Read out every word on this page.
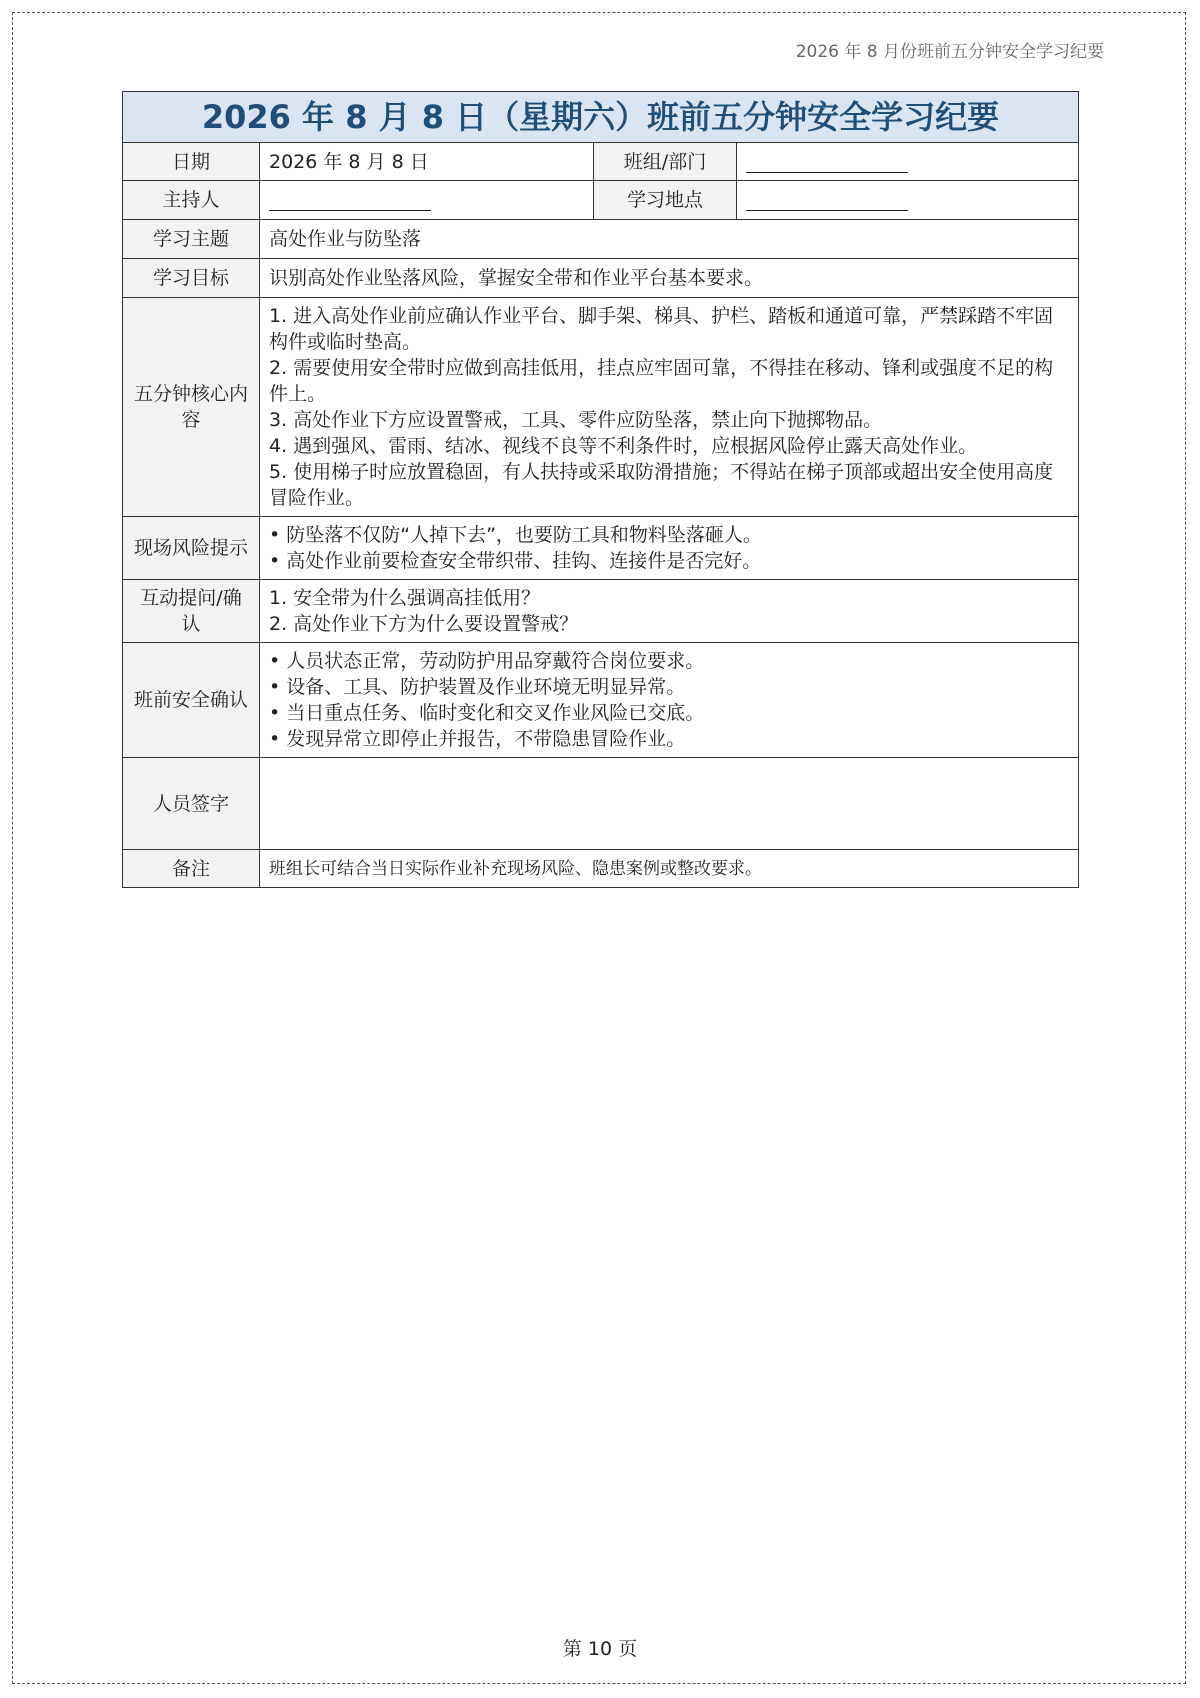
2026 年 8 月份班前五分钟安全学习纪要
2026 年 8 月 8 日（星期六）班前五分钟安全学习纪要			
日期	2026 年 8 月 8 日	班组/部门	
主持人		学习地点	
学习主题	高处作业与防坠落		
学习目标	识别高处作业坠落风险，掌握安全带和作业平台基本要求。		
五分钟核心内容	1. 进入高处作业前应确认作业平台、脚手架、梯具、护栏、踏板和通道可靠，严禁踩踏不牢固构件或临时垫高。
2. 需要使用安全带时应做到高挂低用，挂点应牢固可靠，不得挂在移动、锋利或强度不足的构件上。
3. 高处作业下方应设置警戒，工具、零件应防坠落，禁止向下抛掷物品。
4. 遇到强风、雷雨、结冰、视线不良等不利条件时，应根据风险停止露天高处作业。
5. 使用梯子时应放置稳固，有人扶持或采取防滑措施；不得站在梯子顶部或超出安全使用高度冒险作业。		

现场风险提示	• 防坠落不仅防“人掉下去”，也要防工具和物料坠落砸人。
• 高处作业前要检查安全带织带、挂钩、连接件是否完好。		

互动提问/确认	1. 安全带为什么强调高挂低用？
2. 高处作业下方为什么要设置警戒？		

班前安全确认	• 人员状态正常，劳动防护用品穿戴符合岗位要求。
• 设备、工具、防护装置及作业环境无明显异常。
• 当日重点任务、临时变化和交叉作业风险已交底。
• 发现异常立即停止并报告，不带隐患冒险作业。		

人员签字			
备注	班组长可结合当日实际作业补充现场风险、隐患案例或整改要求。		
第 10 页
